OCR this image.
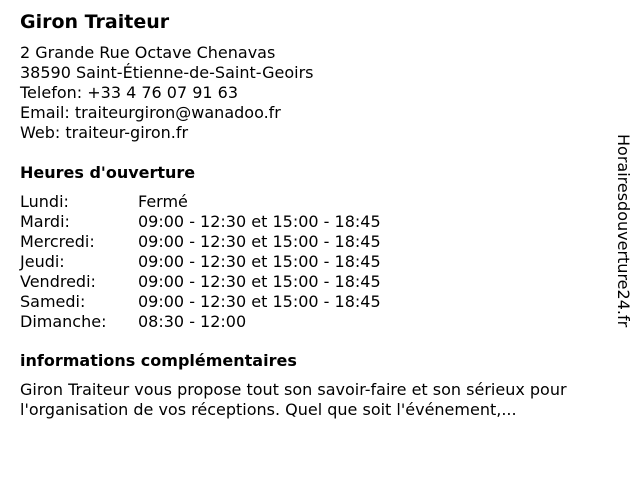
Giron Traiteur
2 Grande Rue Octave Chenavas
38590 Saint-Étienne-de-Saint-Geoirs
Telefon: +33 4 76 07 91 63
Email: traiteurgiron@wanadoo.fr
Web: traiteur-giron.fr
Heures d'ouverture
Lundi:	Fermé
Mardi:	09:00 - 12:30 et 15:00 - 18:45
Mercredi:	09:00 - 12:30 et 15:00 - 18:45
Jeudi:	09:00 - 12:30 et 15:00 - 18:45
Vendredi:	09:00 - 12:30 et 15:00 - 18:45
Samedi:	09:00 - 12:30 et 15:00 - 18:45
Dimanche:	08:30 - 12:00
informations complémentaires
Giron Traiteur vous propose tout son savoir-faire et son sérieux pour l'organisation de vos réceptions. Quel que soit l'événement,...
Horairesdouverture24.fr
